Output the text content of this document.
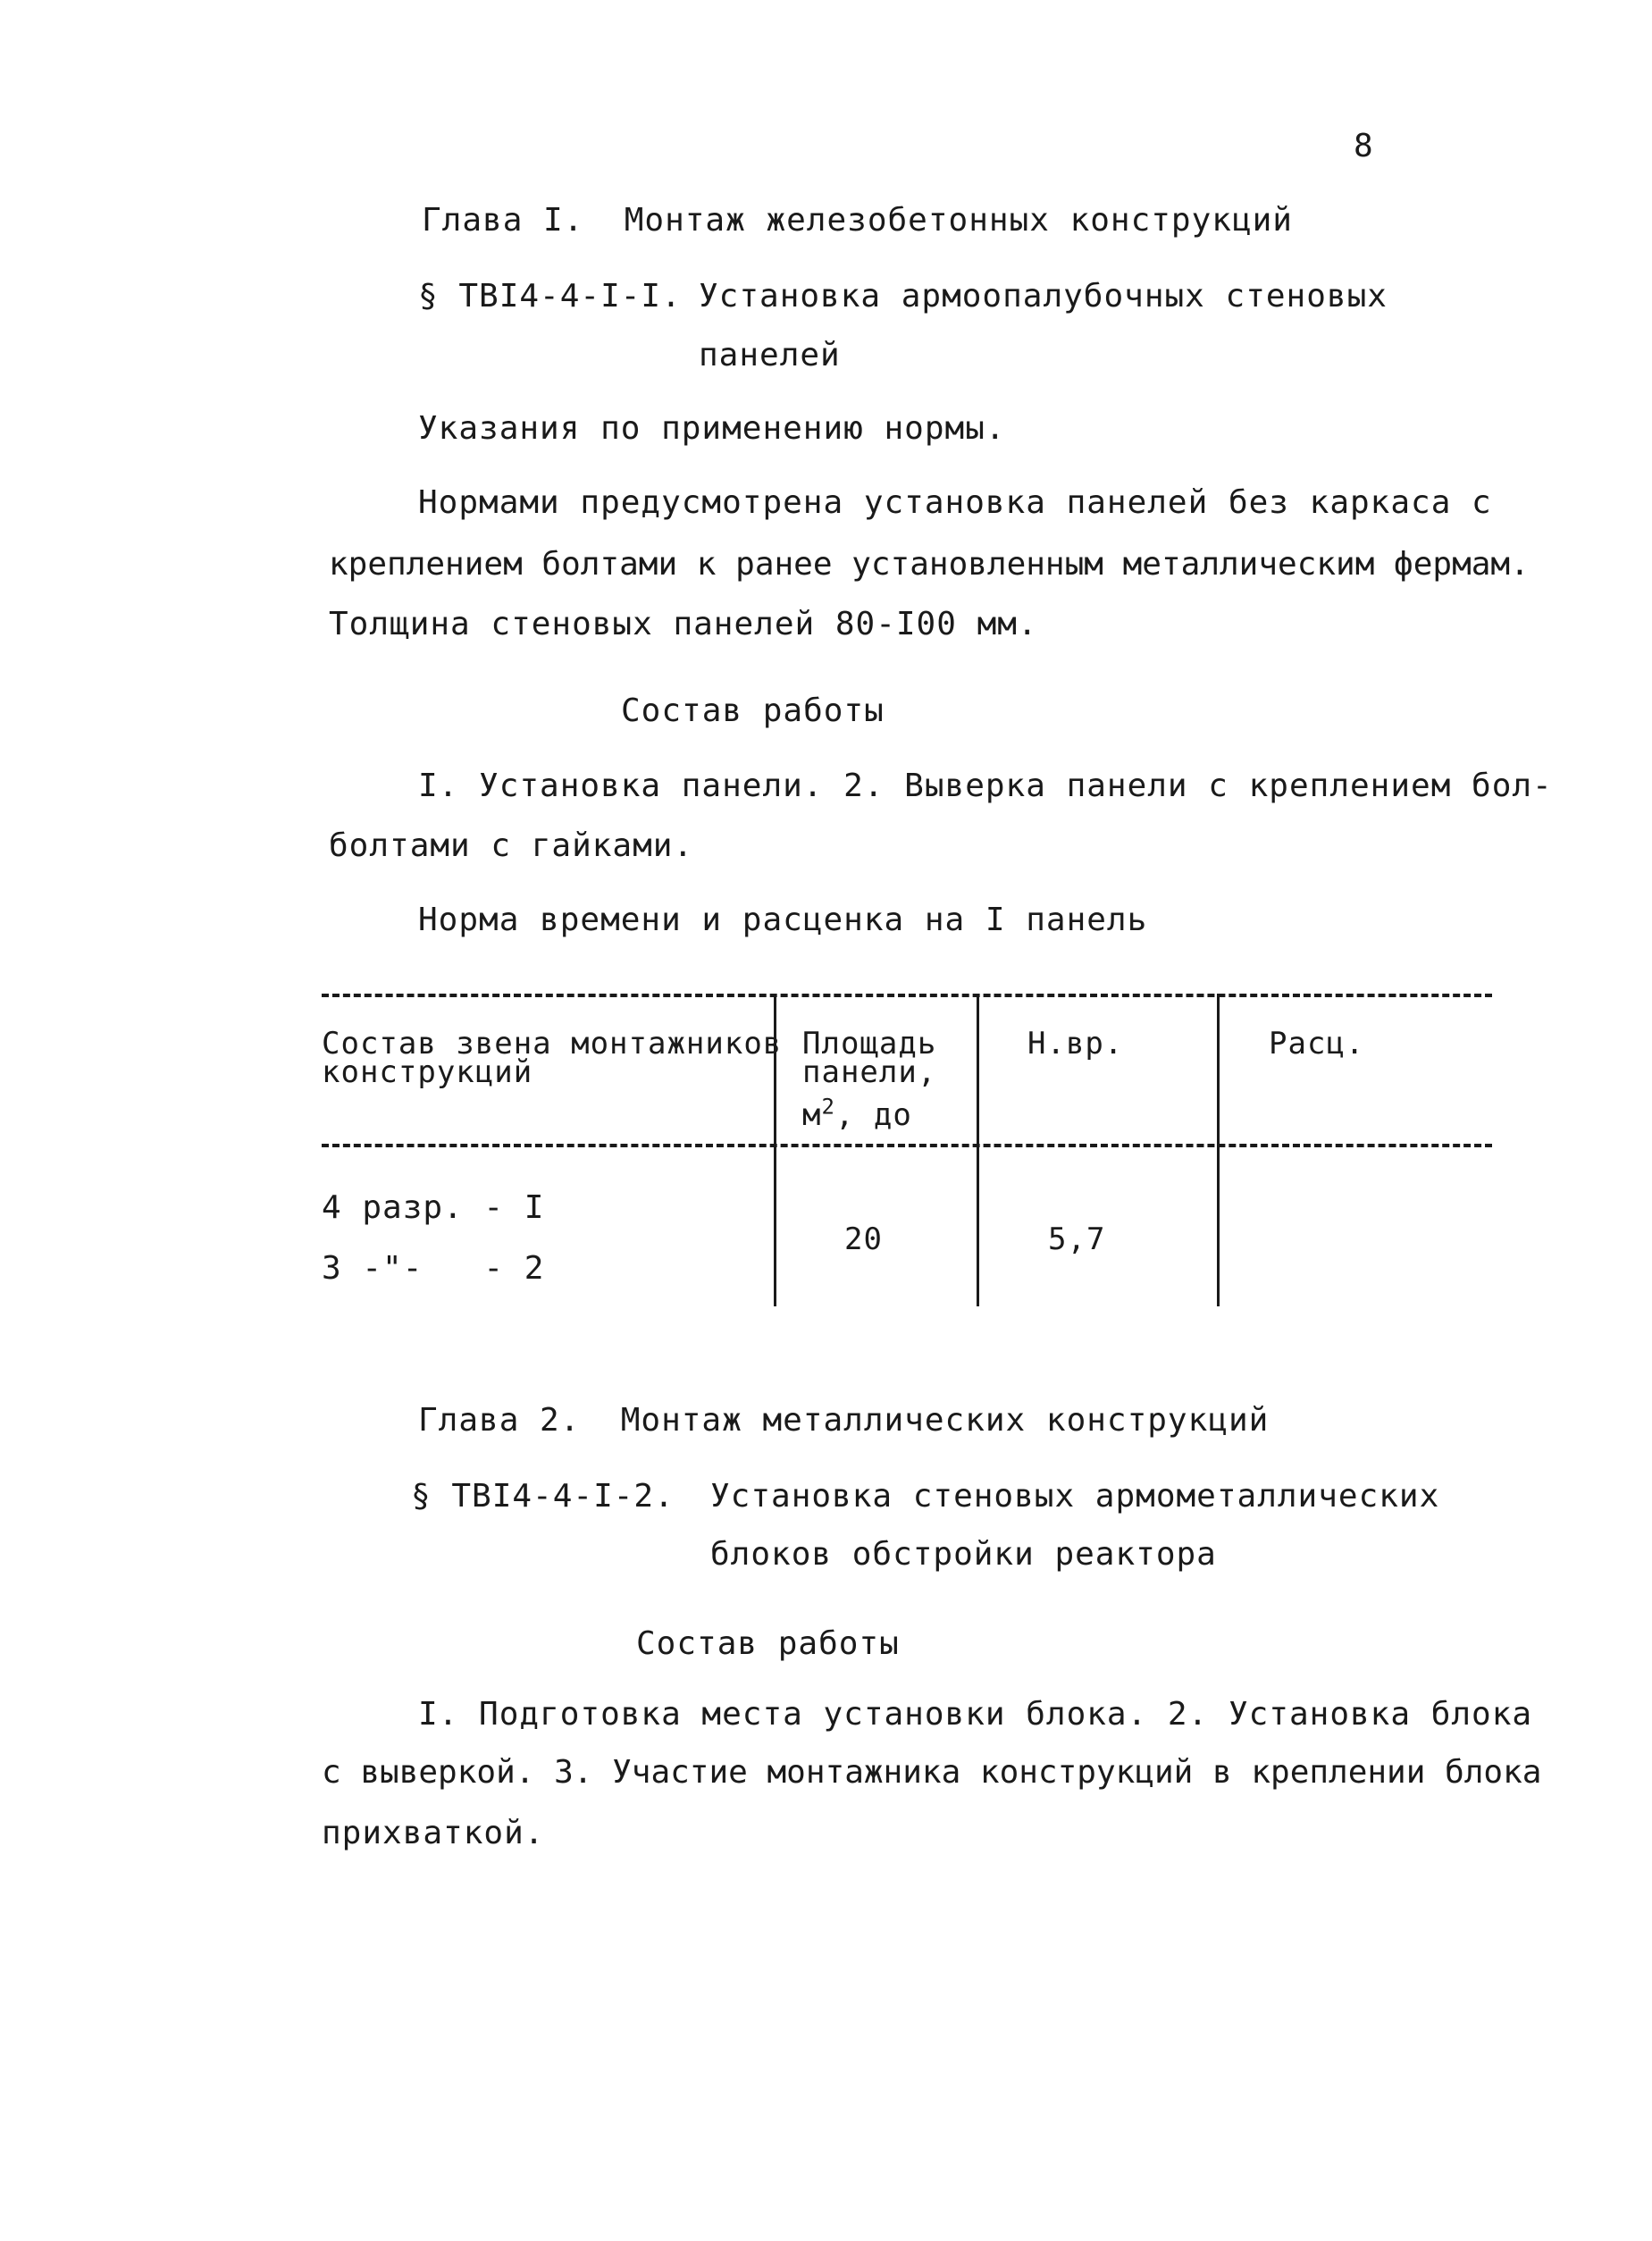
8
Глава I.  Монтаж железобетонных конструкций
§ ТВI4-4-I-I. Установка армоопалубочных стеновых
панелей
Указания по применению нормы.
Нормами предусмотрена установка панелей без каркаса с
креплением болтами к ранее установленным металлическим фермам.
Толщина стеновых панелей 80-I00 мм.
Состав работы
I. Установка панели. 2. Выверка панели с креплением бол-
болтами с гайками.
Норма времени и расценка на I панель
Состав звена монтажников
конструкций
Площадь
панели,
$м^2$, до
Н.вр.	Расц.
4 разр. - I
3 -"-   - 2
20	5,7
Глава 2.  Монтаж металлических конструкций
§ ТВI4-4-I-2. Установка стеновых армометаллических
блоков обстройки реактора
Состав работы
I. Подготовка места установки блока. 2. Установка блока
с выверкой. 3. Участие монтажника конструкций в креплении блока
прихваткой.
